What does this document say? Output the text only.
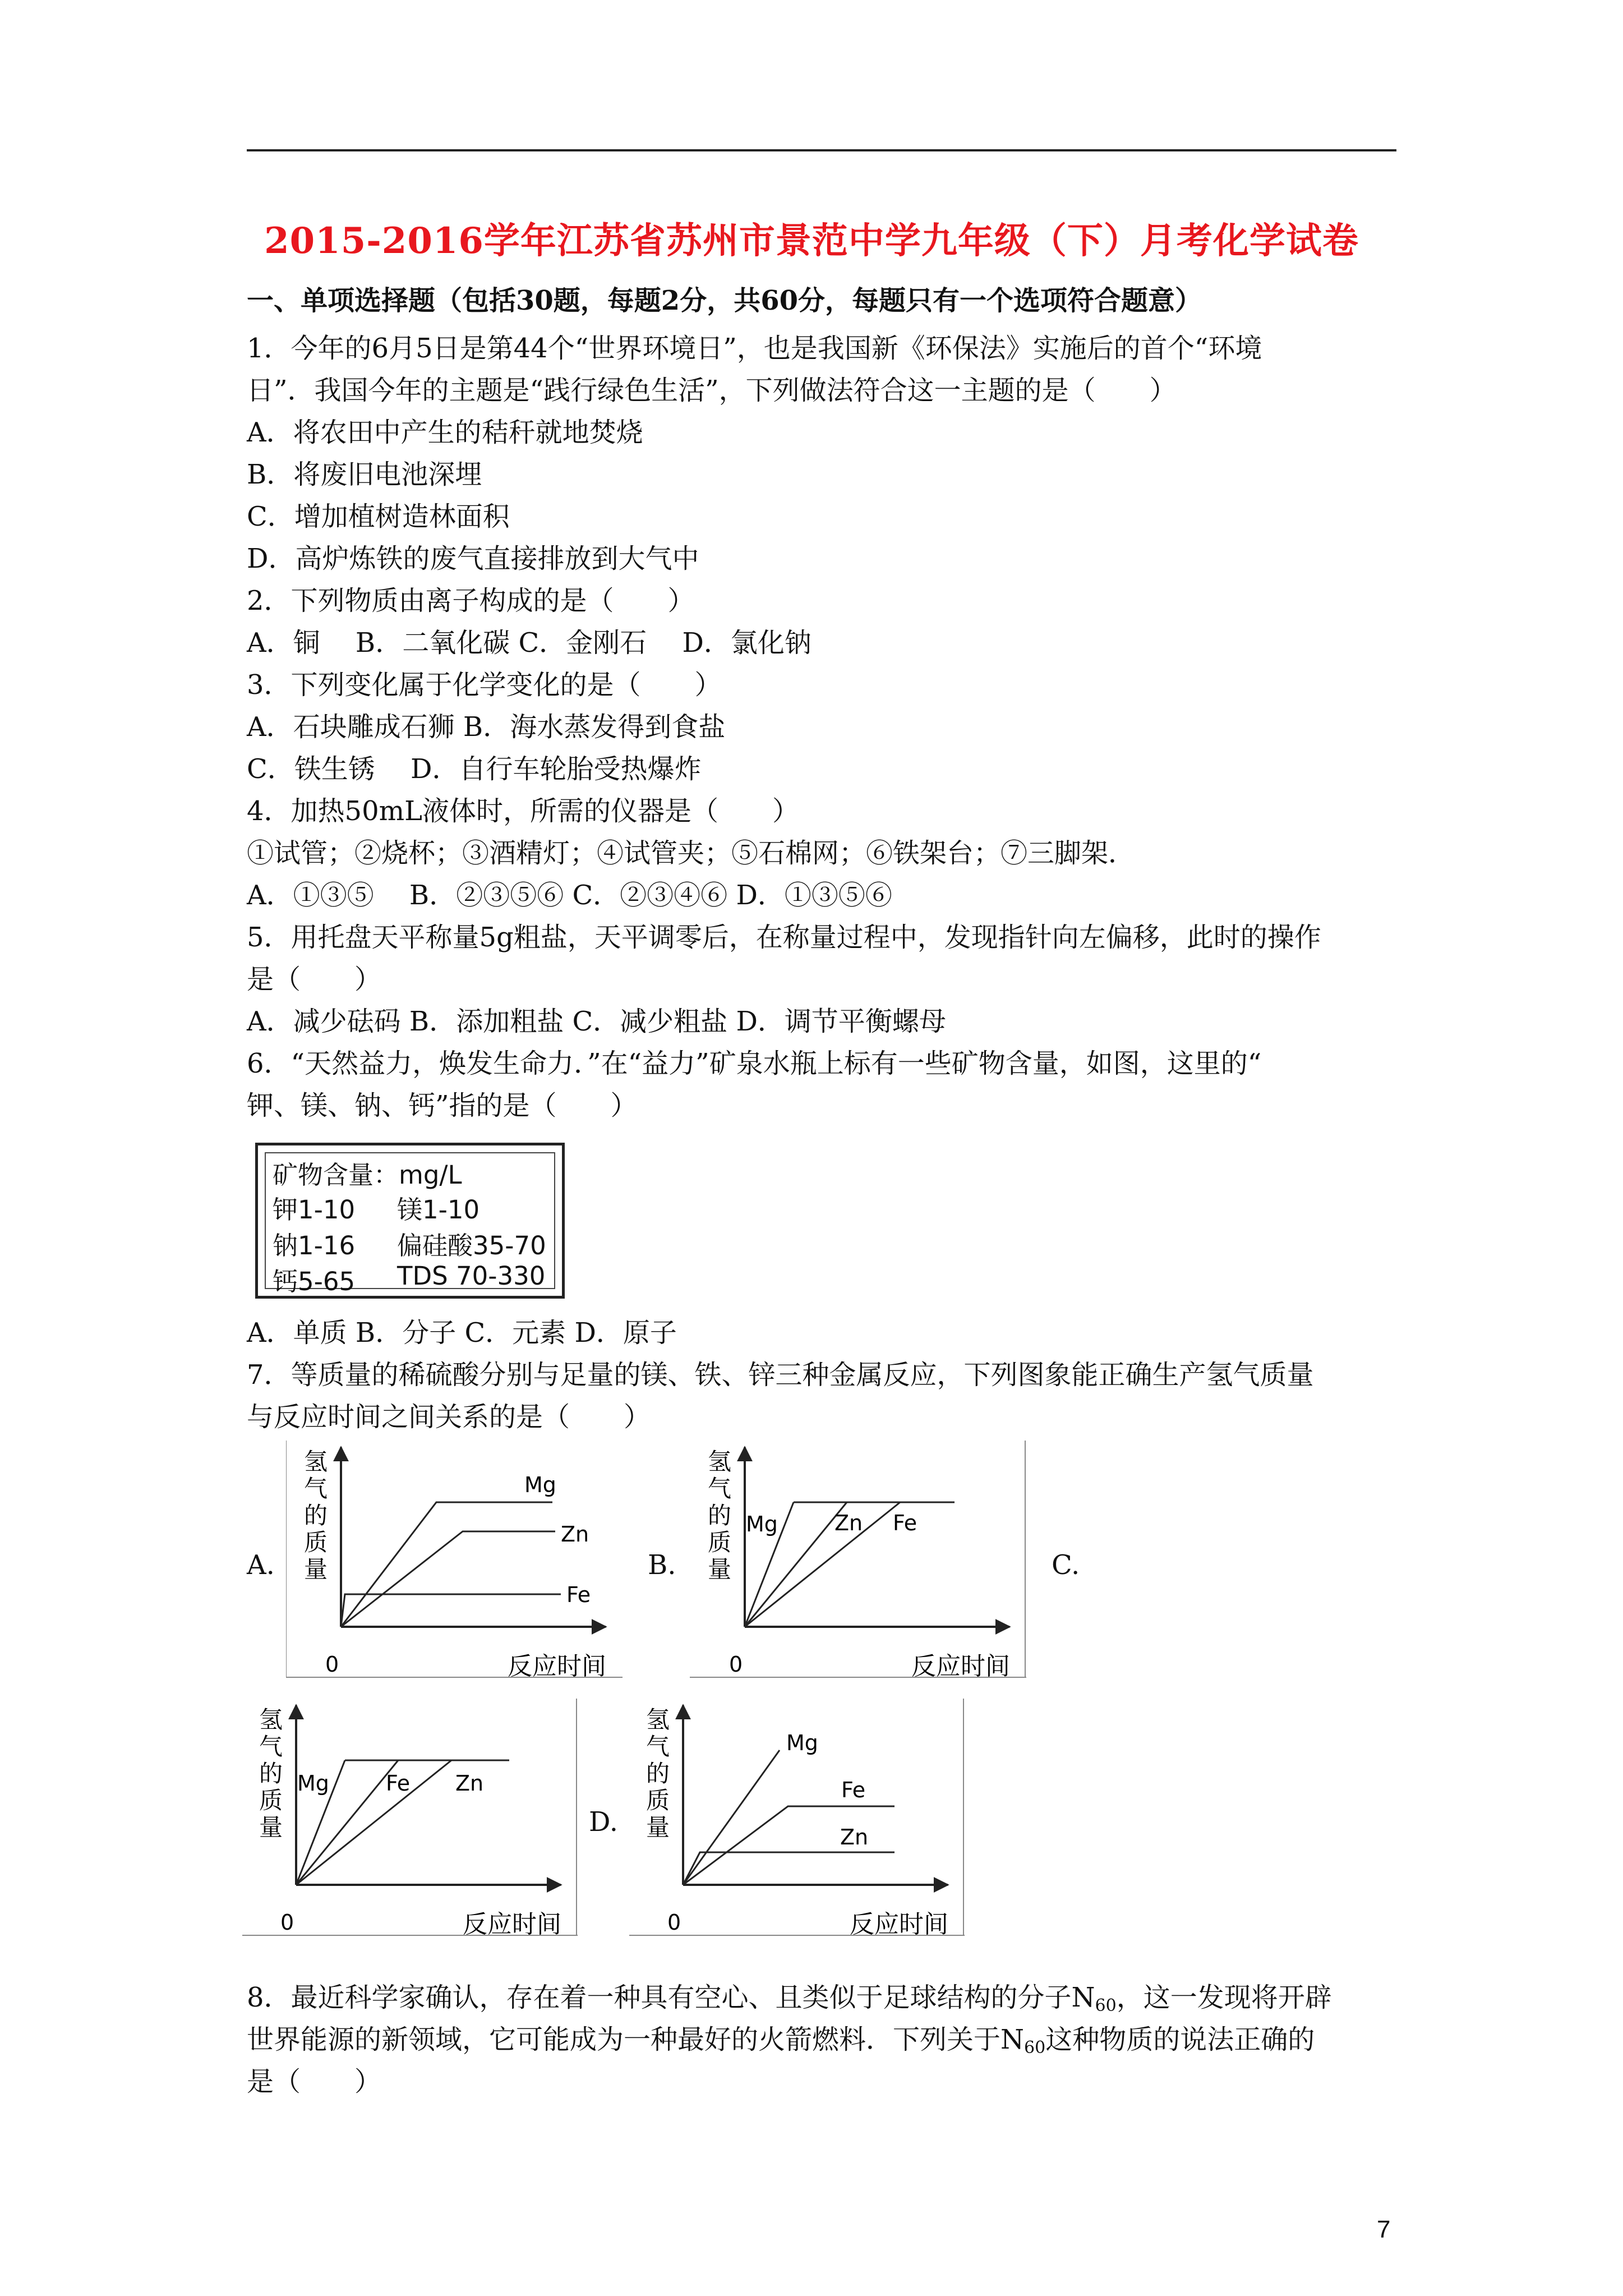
2015-2016学年江苏省苏州市景范中学九年级（下）月考化学试卷
一、单项选择题（包括30题，每题2分，共60分，每题只有一个选项符合题意）
1．今年的6月5日是第44个“世界环境日”，也是我国新《环保法》实施后的首个“环境
日”．我国今年的主题是“践行绿色生活”，下列做法符合这一主题的是（　　）
A．将农田中产生的秸秆就地焚烧
B．将废旧电池深埋
C．增加植树造林面积
D．高炉炼铁的废气直接排放到大气中
2．下列物质由离子构成的是（　　）
A．铜　 B．二氧化碳 C．金刚石　 D．氯化钠
3．下列变化属于化学变化的是（　　）
A．石块雕成石狮 B．海水蒸发得到食盐
C．铁生锈　 D．自行车轮胎受热爆炸
4．加热50mL液体时，所需的仪器是（　　）
①试管；②烧杯；③酒精灯；④试管夹；⑤石棉网；⑥铁架台；⑦三脚架．
A．①③⑤　 B．②③⑤⑥ C．②③④⑥ D．①③⑤⑥
5．用托盘天平称量5g粗盐，天平调零后，在称量过程中，发现指针向左偏移，此时的操作
是（　　）
A．减少砝码 B．添加粗盐 C．减少粗盐 D．调节平衡螺母
6．“天然益力，焕发生命力．”在“益力”矿泉水瓶上标有一些矿物含量，如图，这里的“
钾、镁、钠、钙”指的是（　　）
矿物含量：mg/L
钾1-10 镁1-10
钠1-16 偏硅酸35-70
钙5-65 TDS 70-330
A．单质 B．分子 C．元素 D．原子
7．等质量的稀硫酸分别与足量的镁、铁、锌三种金属反应，下列图象能正确生产氢气质量
与反应时间之间关系的是（　　）
A.	B.	C.
D.
Mg
Zn
Fe
氢
气
的
质
量
0	反应时间
Mg	Zn Fe
氢
气
的
质
量
0	反应时间
Mg	Fe Zn
氢
气
的
质
量
0	反应时间
Mg
Fe
Zn
氢
气
的
质
量
0	反应时间
8．最近科学家确认，存在着一种具有空心、且类似于足球结构的分子$N_{60}$，这一发现将开辟
世界能源的新领域，它可能成为一种最好的火箭燃料．下列关于$N_{60}$这种物质的说法正确的
是（　　）
7
